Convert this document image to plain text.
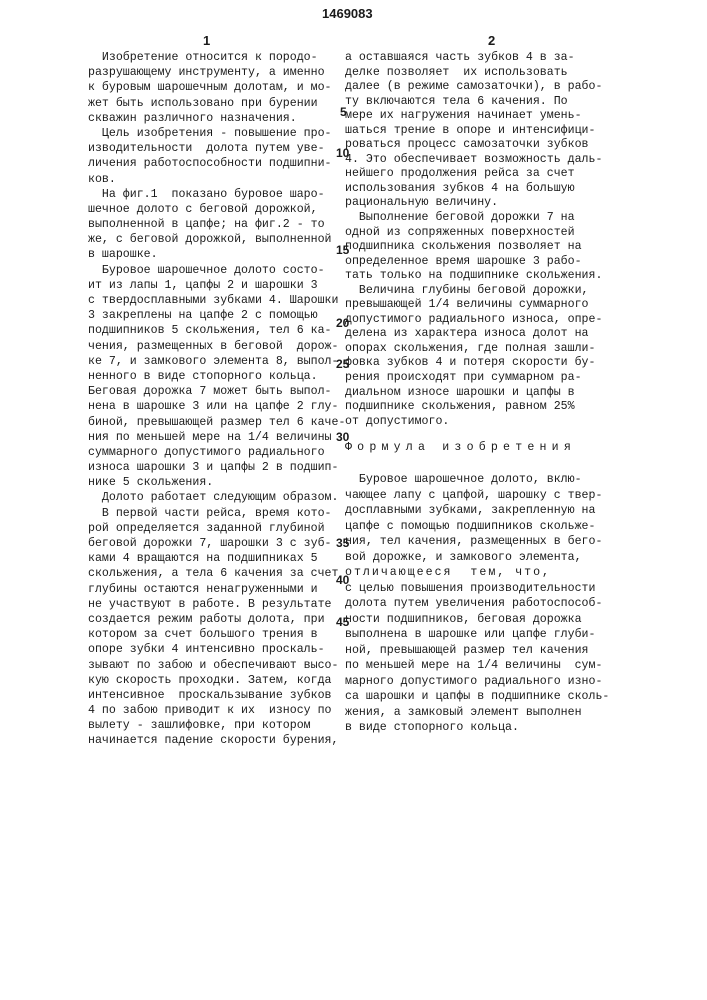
1469083
1	2
Изобретение относится к породо-
разрушающему инструменту, а именно
к буровым шарошечным долотам, и мо-
жет быть использовано при бурении
скважин различного назначения.
Цель изобретения - повышение про-
изводительности  долота путем уве-
личения работоспособности подшипни-
ков.
На фиг.1  показано буровое шаро-
шечное долото с беговой дорожкой,
выполненной в цапфе; на фиг.2 - то
же, с беговой дорожкой, выполненной
в шарошке.
Буровое шарошечное долото состо-
ит из лапы 1, цапфы 2 и шарошки 3
с твердосплавными зубками 4. Шарошки
3 закреплены на цапфе 2 с помощью
подшипников 5 скольжения, тел 6 ка-
чения, размещенных в беговой  дорож-
ке 7, и замкового элемента 8, выпол-
ненного в виде стопорного кольца.
Беговая дорожка 7 может быть выпол-
нена в шарошке 3 или на цапфе 2 глу-
биной, превышающей размер тел 6 каче-
ния по меньшей мере на 1/4 величины
суммарного допустимого радиального
износа шарошки 3 и цапфы 2 в подшип-
нике 5 скольжения.
Долото работает следующим образом.
В первой части рейса, время кото-
рой определяется заданной глубиной
беговой дорожки 7, шарошки 3 с зуб-
ками 4 вращаются на подшипниках 5
скольжения, а тела 6 качения за счет
глубины остаются ненагруженными и
не участвуют в работе. В результате
создается режим работы долота, при
котором за счет большого трения в
опоре зубки 4 интенсивно проскаль-
зывают по забою и обеспечивают высо-
кую скорость проходки. Затем, когда
интенсивное  проскальзывание зубков
4 по забою приводит к их  износу по
вылету - зашлифовке, при котором
начинается падение скорости бурения,
а оставшаяся часть зубков 4 в за-
делке позволяет  их использовать
далее (в режиме самозаточки), в рабо-
ту включаются тела 6 качения. По
мере их нагружения начинает умень-
шаться трение в опоре и интенсифици-
роваться процесс самозаточки зубков
4. Это обеспечивает возможность даль-
нейшего продолжения рейса за счет
использования зубков 4 на большую
рациональную величину.
Выполнение беговой дорожки 7 на
одной из сопряженных поверхностей
подшипника скольжения позволяет на
определенное время шарошке 3 рабо-
тать только на подшипнике скольжения.
Величина глубины беговой дорожки,
превышающей 1/4 величины суммарного
допустимого радиального износа, опре-
делена из характера износа долот на
опорах скольжения, где полная зашли-
фовка зубков 4 и потеря скорости бу-
рения происходят при суммарном ра-
диальном износе шарошки и цапфы в
подшипнике скольжения, равном 25%
от допустимого.
Формула изобретения
Буровое шарошечное долото, вклю-
чающее лапу с цапфой, шарошку с твер-
досплавными зубками, закрепленную на
цапфе с помощью подшипников скольже-
ния, тел качения, размещенных в бего-
вой дорожке, и замкового элемента,
отличающееся  тем, что,
с целью повышения производительности
долота путем увеличения работоспособ-
ности подшипников, беговая дорожка
выполнена в шарошке или цапфе глуби-
ной, превышающей размер тел качения
по меньшей мере на 1/4 величины  сум-
марного допустимого радиального изно-
са шарошки и цапфы в подшипнике сколь-
жения, а замковый элемент выполнен
в виде стопорного кольца.
5
10
15
20
25
30
35
40
45
